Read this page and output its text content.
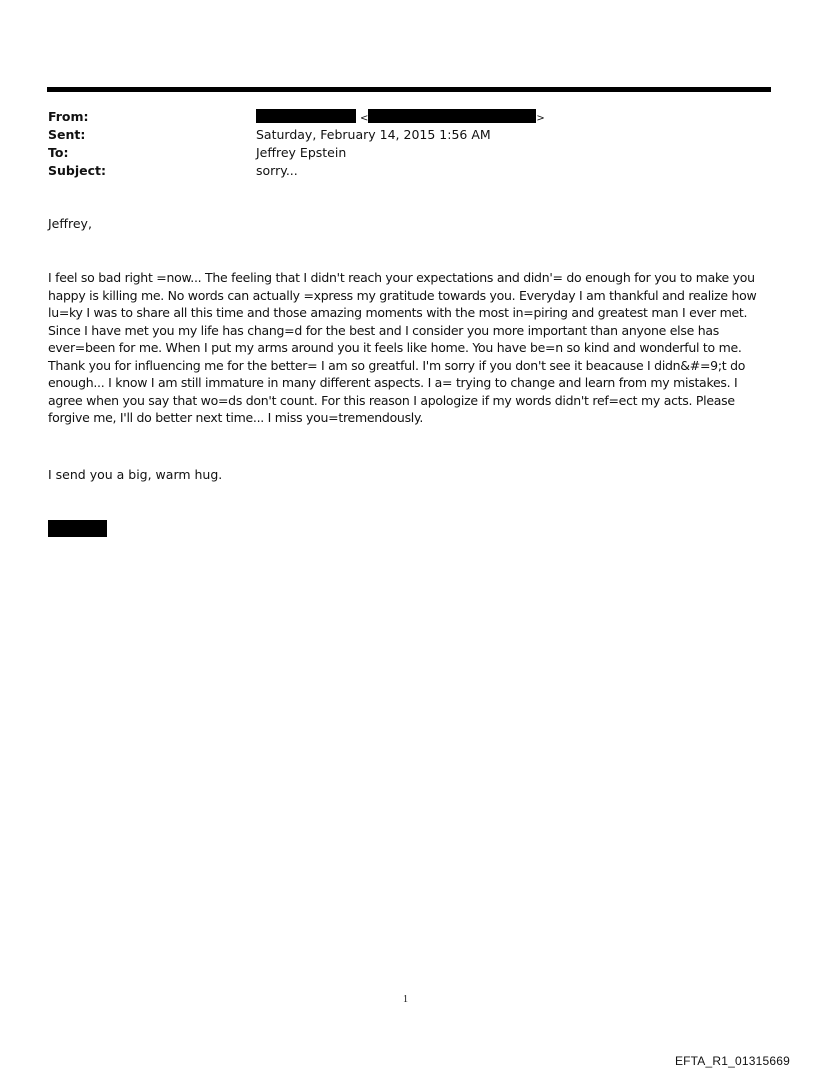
From:	<	>
Sent:	Saturday, February 14, 2015 1:56 AM
To:	Jeffrey Epstein
Subject:	sorry...
Jeffrey,

I feel so bad right =now... The feeling that I didn't reach your expectations and didn'= do enough for you to make you happy is killing me. No words can actually =xpress my gratitude towards you. Everyday I am thankful and realize how lu=ky I was to share all this time and those amazing moments with the most in=piring and greatest man I ever met. Since I have met you my life has chang=d for the best and I consider you more important than anyone else has ever=been for me. When I put my arms around you it feels like home. You have be=n so kind and wonderful to me. Thank you for influencing me for the better= I am so greatful. I'm sorry if you don't see it beacause I didn&#=9;t do enough... I know I am still immature in many different aspects. I a= trying to change and learn from my mistakes. I agree when you say that wo=ds don't count. For this reason I apologize if my words didn't ref=ect my acts. Please forgive me, I'll do better next time... I miss you=tremendously.

I send you a big, warm hug.
1
EFTA_R1_01315669
